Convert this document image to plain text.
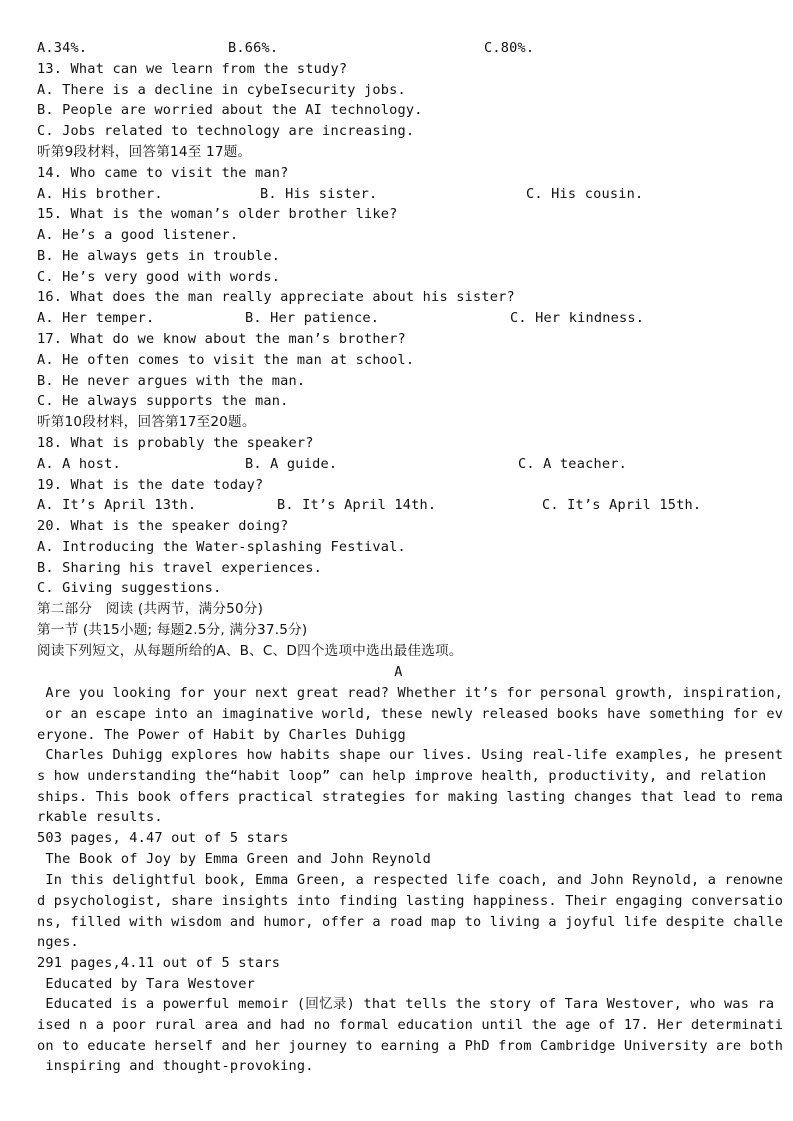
A.34%.	B.66%.	C.80%.
13. What can we learn from the study?
A. There is a decline in cybeIsecurity jobs.
B. People are worried about the AI technology.
C. Jobs related to technology are increasing.
听第9段材料，回答第14至 17题。
14. Who came to visit the man?
A. His brother.	B. His sister.	C. His cousin.
15. What is the woman’s older brother like?
A. He’s a good listener.
B. He always gets in trouble.
C. He’s very good with words.
16. What does the man really appreciate about his sister?
A. Her temper.	B. Her patience.	C. Her kindness.
17. What do we know about the man’s brother?
A. He often comes to visit the man at school.
B. He never argues with the man.
C. He always supports the man.
听第10段材料，回答第17至20题。
18. What is probably the speaker?
A. A host.	B. A guide.	C. A teacher.
19. What is the date today?
A. It’s April 13th.	B. It’s April 14th.	C. It’s April 15th.
20. What is the speaker doing?
A. Introducing the Water-splashing Festival.
B. Sharing his travel experiences.
C. Giving suggestions.
第二部分   阅读 (共两节，满分50分)
第一节 (共15小题; 每题2.5分, 满分37.5分)
阅读下列短文，从每题所给的A、B、C、D四个选项中选出最佳选项。
A
Are you looking for your next great read? Whether it’s for personal growth, inspiration,
or an escape into an imaginative world, these newly released books have something for ev
eryone. The Power of Habit by Charles Duhigg
Charles Duhigg explores how habits shape our lives. Using real-life examples, he present
s how understanding the“habit loop” can help improve health, productivity, and relation
ships. This book offers practical strategies for making lasting changes that lead to rema
rkable results.
503 pages, 4.47 out of 5 stars
The Book of Joy by Emma Green and John Reynold
In this delightful book, Emma Green, a respected life coach, and John Reynold, a renowne
d psychologist, share insights into finding lasting happiness. Their engaging conversatio
ns, filled with wisdom and humor, offer a road map to living a joyful life despite challe
nges.
291 pages,4.11 out of 5 stars
Educated by Tara Westover
Educated is a powerful memoir (回忆录) that tells the story of Tara Westover, who was ra
ised n a poor rural area and had no formal education until the age of 17. Her determinati
on to educate herself and her journey to earning a PhD from Cambridge University are both
inspiring and thought-provoking.
